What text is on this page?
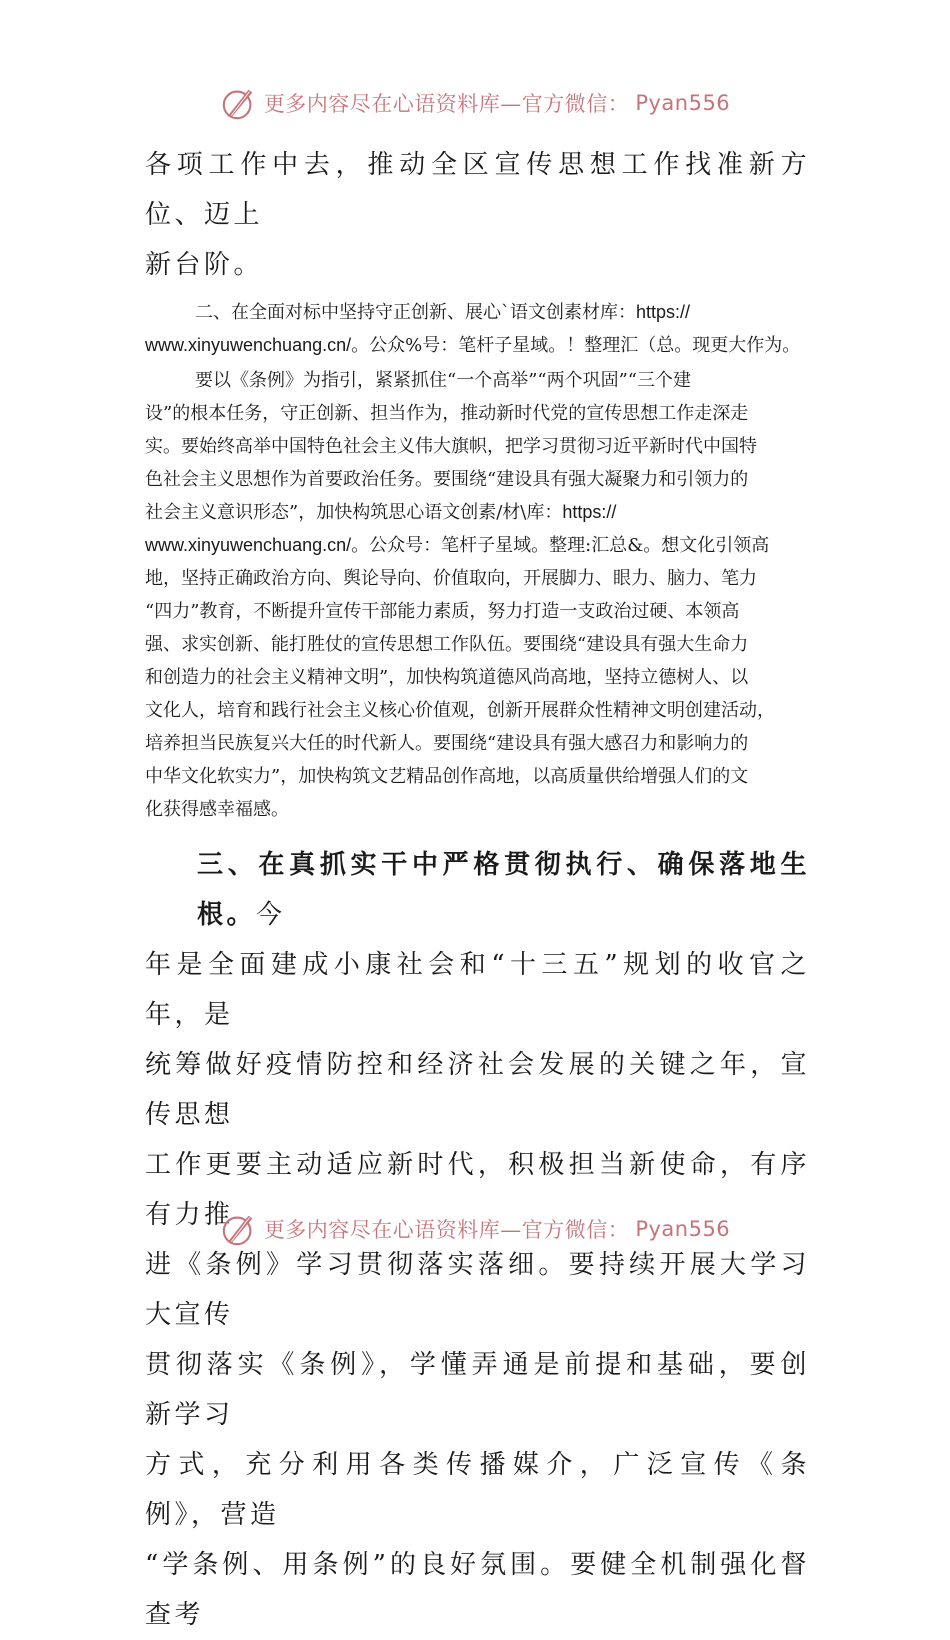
更多内容尽在心语资料库—官方微信： Pyan556

各项工作中去，推动全区宣传思想工作找准新方位、迈上
新台阶。

二、在全面对标中坚持守正创新、展心`语文创素材库：https://
www.xinyuwenchuang.cn/。公众%号：笔杆子星域。！整理汇（总。现更大作为。

要以《条例》为指引，紧紧抓住“一个高举”“两个巩固”“三个建
设”的根本任务，守正创新、担当作为，推动新时代党的宣传思想工作走深走
实。要始终高举中国特色社会主义伟大旗帜，把学习贯彻习近平新时代中国特
色社会主义思想作为首要政治任务。要围绕“建设具有强大凝聚力和引领力的
社会主义意识形态”，加快构筑思心语文创素/材\库：https://
www.xinyuwenchuang.cn/。公众号：笔杆子星域。整理:汇总&。想文化引领高
地，坚持正确政治方向、舆论导向、价值取向，开展脚力、眼力、脑力、笔力
“四力”教育，不断提升宣传干部能力素质，努力打造一支政治过硬、本领高
强、求实创新、能打胜仗的宣传思想工作队伍。要围绕“建设具有强大生命力
和创造力的社会主义精神文明”，加快构筑道德风尚高地，坚持立德树人、以
文化人，培育和践行社会主义核心价值观，创新开展群众性精神文明创建活动，
培养担当民族复兴大任的时代新人。要围绕“建设具有强大感召力和影响力的
中华文化软实力”，加快构筑文艺精品创作高地，以高质量供给增强人们的文
化获得感幸福感。

三、在真抓实干中严格贯彻执行、确保落地生根。今
年是全面建成小康社会和“十三五”规划的收官之年，是
统筹做好疫情防控和经济社会发展的关键之年，宣传思想
工作更要主动适应新时代，积极担当新使命，有序有力推
进《条例》学习贯彻落实落细。要持续开展大学习大宣传
贯彻落实《条例》，学懂弄通是前提和基础，要创新学习
方式，充分利用各类传播媒介，广泛宣传《条例》，营造
“学条例、用条例”的良好氛围。要健全机制强化督查考

更多内容尽在心语资料库—官方微信： Pyan556
